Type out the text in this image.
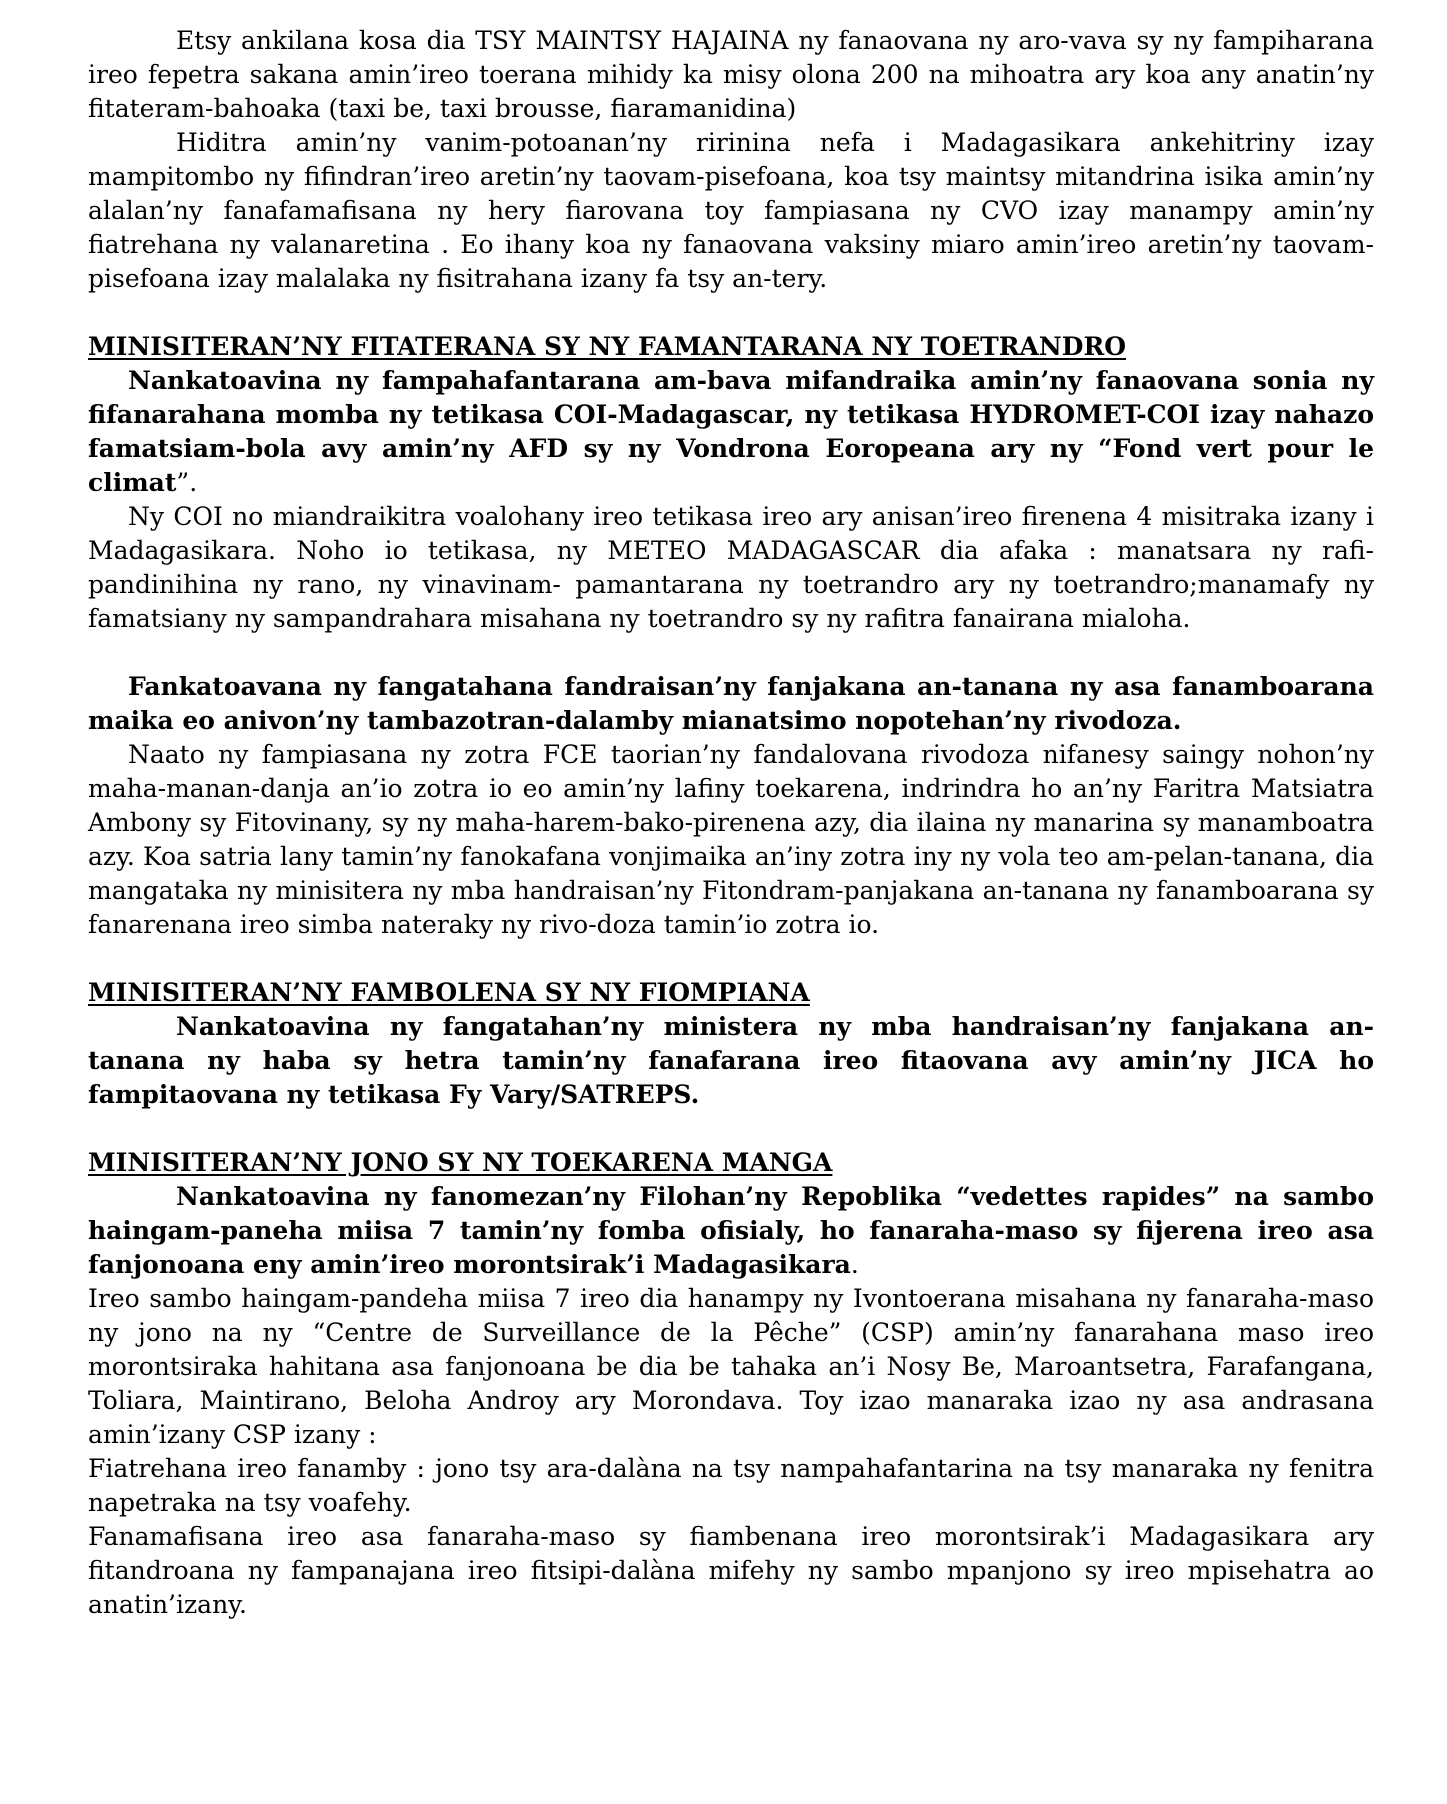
Etsy ankilana kosa dia TSY MAINTSY HAJAINA ny fanaovana ny aro-vava sy ny fampiharana ireo fepetra sakana amin’ireo toerana mihidy ka misy olona 200 na mihoatra ary koa any anatin’ny fitateram-bahoaka (taxi be, taxi brousse, fiaramanidina)

Hiditra amin’ny vanim-potoanan’ny ririnina nefa i Madagasikara ankehitriny izay mampitombo ny fifindran’ireo aretin’ny taovam-pisefoana, koa tsy maintsy mitandrina isika amin’ny alalan’ny fanafamafisana ny hery fiarovana toy fampiasana ny CVO izay manampy amin’ny fiatrehana ny valanaretina . Eo ihany koa ny fanaovana vaksiny miaro amin’ireo aretin’ny taovam-pisefoana izay malalaka ny fisitrahana izany fa tsy an-tery.

MINISITERAN’NY FITATERANA SY NY FAMANTARANA NY TOETRANDRO

Nankatoavina ny fampahafantarana am-bava mifandraika amin’ny fanaovana sonia ny fifanarahana momba ny tetikasa COI-Madagascar, ny tetikasa HYDROMET-COI izay nahazo famatsiam-bola avy amin’ny AFD sy ny Vondrona Eoropeana ary ny “Fond vert pour le climat”.

Ny COI no miandraikitra voalohany ireo tetikasa ireo ary anisan’ireo firenena 4 misitraka izany i Madagasikara. Noho io tetikasa, ny METEO MADAGASCAR dia afaka : manatsara ny rafi-pandinihina ny rano, ny vinavinam- pamantarana ny toetrandro ary ny toetrandro;manamafy ny famatsiany ny sampandrahara misahana ny toetrandro sy ny rafitra fanairana mialoha.

Fankatoavana ny fangatahana fandraisan’ny fanjakana an-tanana ny asa fanamboarana maika eo anivon’ny tambazotran-dalamby mianatsimo nopotehan’ny rivodoza.

Naato ny fampiasana ny zotra FCE taorian’ny fandalovana rivodoza nifanesy saingy nohon’ny maha-manan-danja an’io zotra io eo amin’ny lafiny toekarena, indrindra ho an’ny Faritra Matsiatra Ambony sy Fitovinany, sy ny maha-harem-bako-pirenena azy, dia ilaina ny manarina sy manamboatra azy. Koa satria lany tamin’ny fanokafana vonjimaika an’iny zotra iny ny vola teo am-pelan-tanana, dia mangataka ny minisitera ny mba handraisan’ny Fitondram-panjakana an-tanana ny fanamboarana sy fanarenana ireo simba nateraky ny rivo-doza tamin’io zotra io.

MINISITERAN’NY FAMBOLENA SY NY FIOMPIANA

Nankatoavina ny fangatahan’ny ministera ny mba handraisan’ny fanjakana an-tanana ny haba sy hetra tamin’ny fanafarana ireo fitaovana avy amin’ny JICA ho fampitaovana ny tetikasa Fy Vary/SATREPS.

MINISITERAN’NY JONO SY NY TOEKARENA MANGA

Nankatoavina ny fanomezan’ny Filohan’ny Repoblika “vedettes rapides” na sambo haingam-paneha miisa 7 tamin’ny fomba ofisialy, ho fanaraha-maso sy fijerena ireo asa fanjonoana eny amin’ireo morontsirak’i Madagasikara.

Ireo sambo haingam-pandeha miisa 7 ireo dia hanampy ny Ivontoerana misahana ny fanaraha-maso ny jono na ny “Centre de Surveillance de la Pêche” (CSP) amin’ny fanarahana maso ireo morontsiraka hahitana asa fanjonoana be dia be tahaka an’i Nosy Be, Maroantsetra, Farafangana, Toliara, Maintirano, Beloha Androy ary Morondava. Toy izao manaraka izao ny asa andrasana amin’izany CSP izany :

Fiatrehana ireo fanamby : jono tsy ara-dalàna na tsy nampahafantarina na tsy manaraka ny fenitra napetraka na tsy voafehy.

Fanamafisana ireo asa fanaraha-maso sy fiambenana ireo morontsirak’i Madagasikara ary fitandroana ny fampanajana ireo fitsipi-dalàna mifehy ny sambo mpanjono sy ireo mpisehatra ao anatin’izany.
